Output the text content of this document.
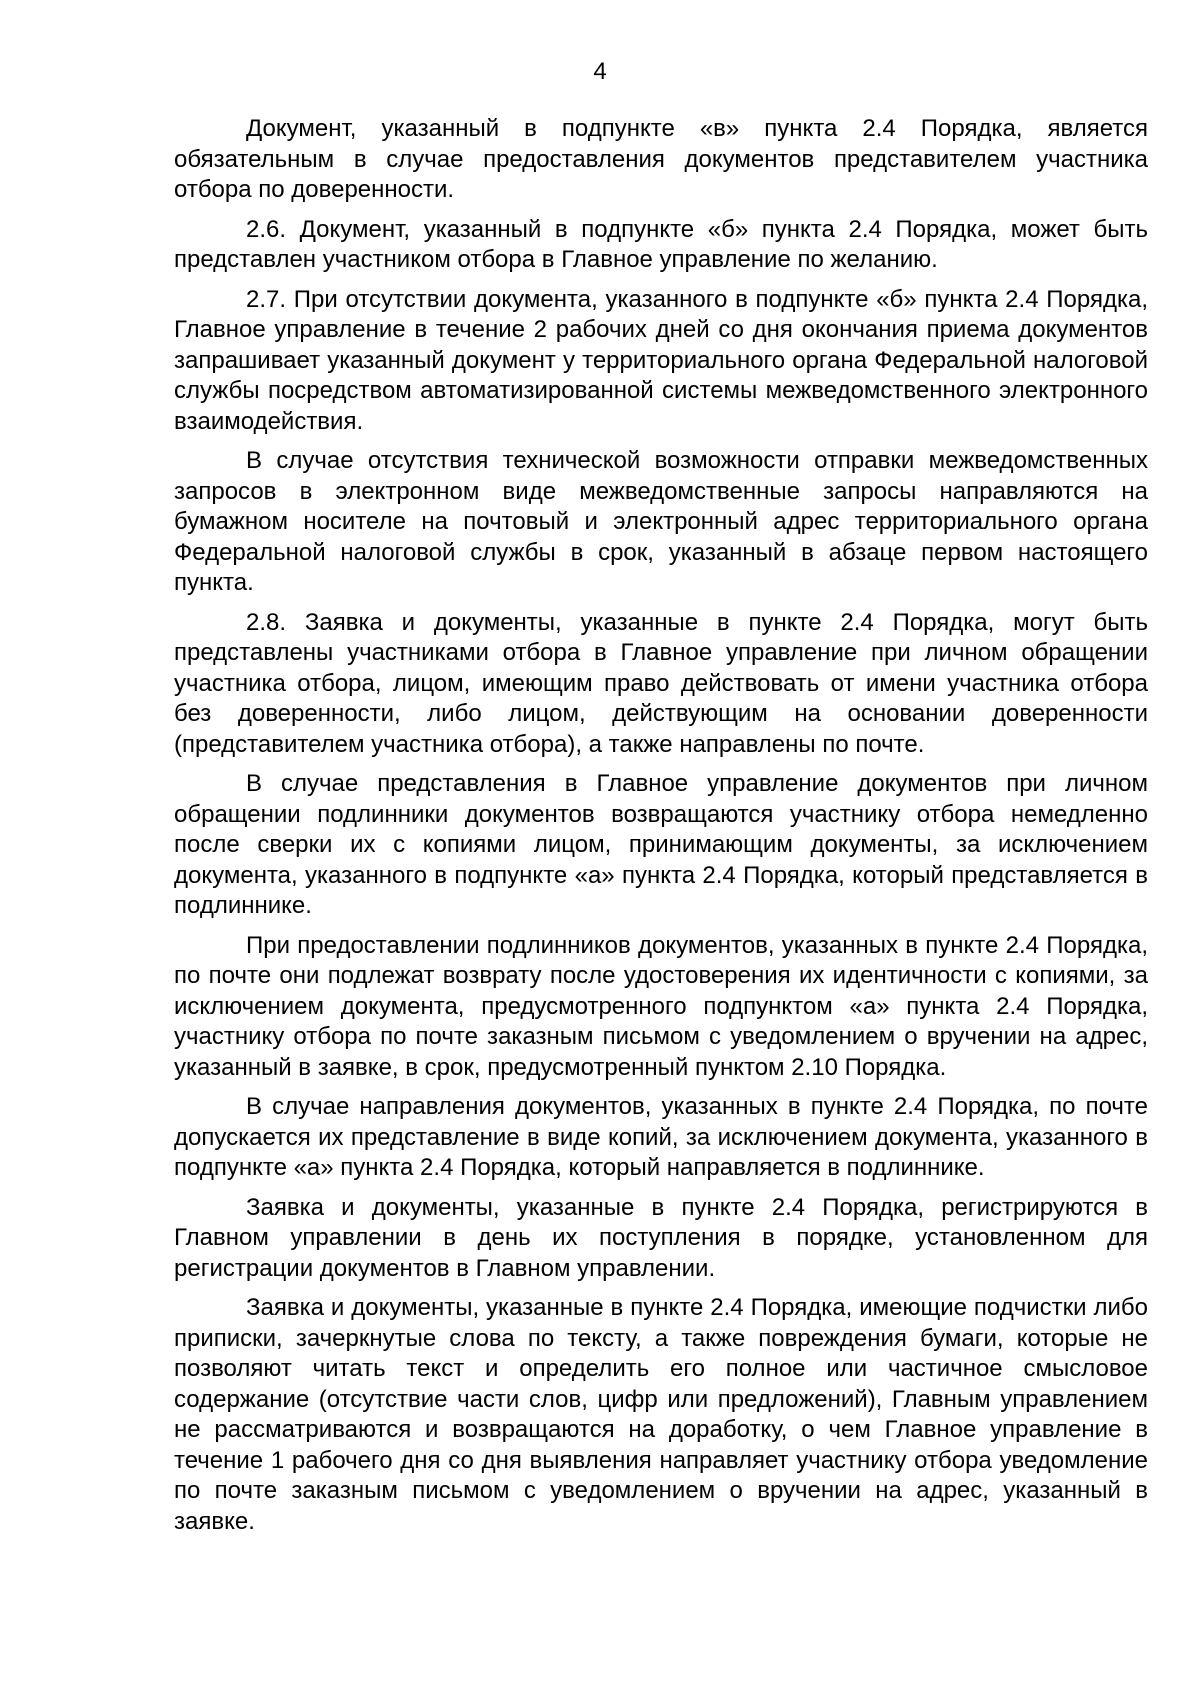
4

Документ, указанный в подпункте «в» пункта 2.4 Порядка, является обязательным в случае предоставления документов представителем участника отбора по доверенности.

2.6. Документ, указанный в подпункте «б» пункта 2.4 Порядка, может быть представлен участником отбора в Главное управление по желанию.

2.7. При отсутствии документа, указанного в подпункте «б» пункта 2.4 Порядка, Главное управление в течение 2 рабочих дней со дня окончания приема документов запрашивает указанный документ у территориального органа Федеральной налоговой службы посредством автоматизированной системы межведомственного электронного взаимодействия.

В случае отсутствия технической возможности отправки межведомственных запросов в электронном виде межведомственные запросы направляются на бумажном носителе на почтовый и электронный адрес территориального органа Федеральной налоговой службы в срок, указанный в абзаце первом настоящего пункта.

2.8. Заявка и документы, указанные в пункте 2.4 Порядка, могут быть представлены участниками отбора в Главное управление при личном обращении участника отбора, лицом, имеющим право действовать от имени участника отбора без доверенности, либо лицом, действующим на основании доверенности (представителем участника отбора), а также направлены по почте.

В случае представления в Главное управление документов при личном обращении подлинники документов возвращаются участнику отбора немедленно после сверки их с копиями лицом, принимающим документы, за исключением документа, указанного в подпункте «а» пункта 2.4 Порядка, который представляется в подлиннике.

При предоставлении подлинников документов, указанных в пункте 2.4 Порядка, по почте они подлежат возврату после удостоверения их идентичности с копиями, за исключением документа, предусмотренного подпунктом «а» пункта 2.4 Порядка, участнику отбора по почте заказным письмом с уведомлением о вручении на адрес, указанный в заявке, в срок, предусмотренный пунктом 2.10 Порядка.

В случае направления документов, указанных в пункте 2.4 Порядка, по почте допускается их представление в виде копий, за исключением документа, указанного в подпункте «а» пункта 2.4 Порядка, который направляется в подлиннике.

Заявка и документы, указанные в пункте 2.4 Порядка, регистрируются в Главном управлении в день их поступления в порядке, установленном для регистрации документов в Главном управлении.

Заявка и документы, указанные в пункте 2.4 Порядка, имеющие подчистки либо приписки, зачеркнутые слова по тексту, а также повреждения бумаги, которые не позволяют читать текст и определить его полное или частичное смысловое содержание (отсутствие части слов, цифр или предложений), Главным управлением не рассматриваются и возвращаются на доработку, о чем Главное управление в течение 1 рабочего дня со дня выявления направляет участнику отбора уведомление по почте заказным письмом с уведомлением о вручении на адрес, указанный в заявке.
